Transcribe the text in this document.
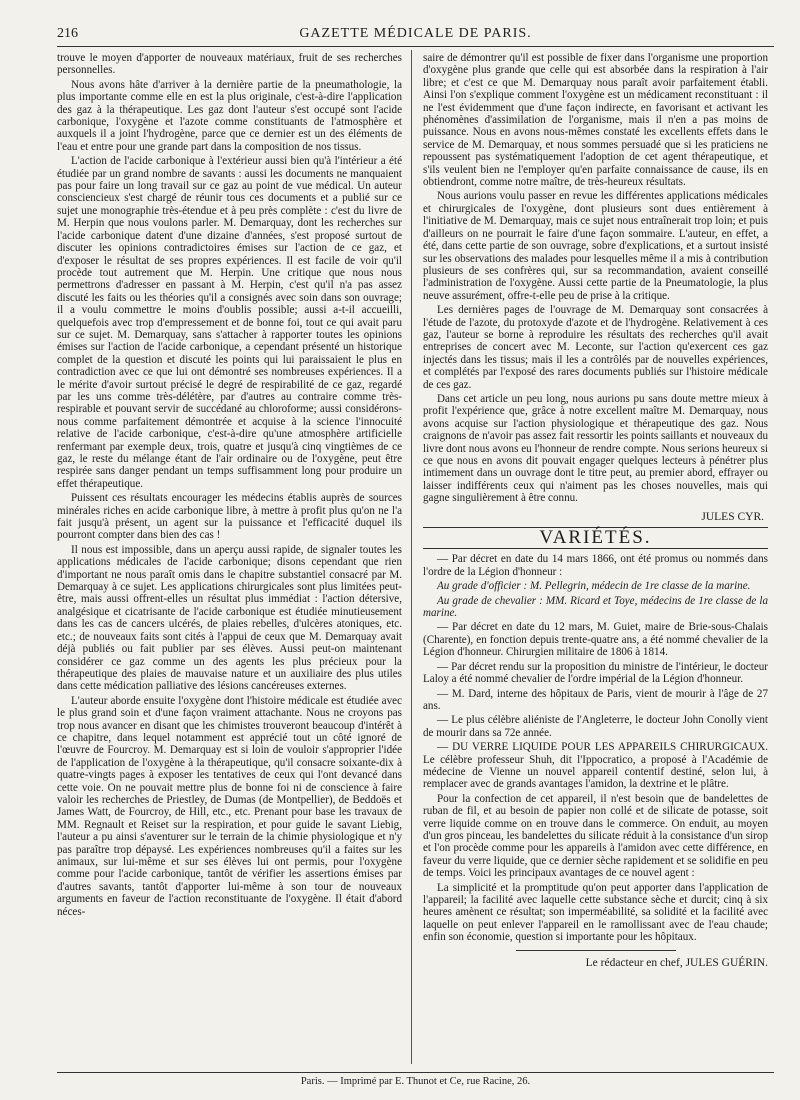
216	GAZETTE MÉDICALE DE PARIS.

trouve le moyen d'apporter de nouveaux matériaux, fruit de ses recherches personnelles.

Nous avons hâte d'arriver à la dernière partie de la pneumathologie, la plus importante comme elle en est la plus originale, c'est-à-dire l'application des gaz à la thérapeutique. Les gaz dont l'auteur s'est occupé sont l'acide carbonique, l'oxygène et l'azote comme constituants de l'atmosphère et auxquels il a joint l'hydrogène, parce que ce dernier est un des éléments de l'eau et entre pour une grande part dans la composition de nos tissus.

L'action de l'acide carbonique à l'extérieur aussi bien qu'à l'intérieur a été étudiée par un grand nombre de savants : aussi les documents ne manquaient pas pour faire un long travail sur ce gaz au point de vue médical. Un auteur consciencieux s'est chargé de réunir tous ces documents et a publié sur ce sujet une monographie très-étendue et à peu près complète : c'est du livre de M. Herpin que nous voulons parler. M. Demarquay, dont les recherches sur l'acide carbonique datent d'une dizaine d'années, s'est proposé surtout de discuter les opinions contradictoires émises sur l'action de ce gaz, et d'exposer le résultat de ses propres expériences. Il est facile de voir qu'il procède tout autrement que M. Herpin. Une critique que nous nous permettrons d'adresser en passant à M. Herpin, c'est qu'il n'a pas assez discuté les faits ou les théories qu'il a consignés avec soin dans son ouvrage; il a voulu commettre le moins d'oublis possible; aussi a-t-il accueilli, quelquefois avec trop d'empressement et de bonne foi, tout ce qui avait paru sur ce sujet. M. Demarquay, sans s'attacher à rapporter toutes les opinions émises sur l'action de l'acide carbonique, a cependant présenté un historique complet de la question et discuté les points qui lui paraissaient le plus en contradiction avec ce que lui ont démontré ses nombreuses expériences. Il a le mérite d'avoir surtout précisé le degré de respirabilité de ce gaz, regardé par les uns comme très-délétère, par d'autres au contraire comme très-respirable et pouvant servir de succédané au chloroforme; aussi considérons-nous comme parfaitement démontrée et acquise à la science l'innocuité relative de l'acide carbonique, c'est-à-dire qu'une atmosphère artificielle renfermant par exemple deux, trois, quatre et jusqu'à cinq vingtièmes de ce gaz, le reste du mélange étant de l'air ordinaire ou de l'oxygène, peut être respirée sans danger pendant un temps suffisamment long pour produire un effet thérapeutique.

Puissent ces résultats encourager les médecins établis auprès de sources minérales riches en acide carbonique libre, à mettre à profit plus qu'on ne l'a fait jusqu'à présent, un agent sur la puissance et l'efficacité duquel ils pourront compter dans bien des cas !

Il nous est impossible, dans un aperçu aussi rapide, de signaler toutes les applications médicales de l'acide carbonique; disons cependant que rien d'important ne nous paraît omis dans le chapitre substantiel consacré par M. Demarquay à ce sujet. Les applications chirurgicales sont plus limitées peut-être, mais aussi offrent-elles un résultat plus immédiat : l'action détersive, analgésique et cicatrisante de l'acide carbonique est étudiée minutieusement dans les cas de cancers ulcérés, de plaies rebelles, d'ulcères atoniques, etc. etc.; de nouveaux faits sont cités à l'appui de ceux que M. Demarquay avait déjà publiés ou fait publier par ses élèves. Aussi peut-on maintenant considérer ce gaz comme un des agents les plus précieux pour la thérapeutique des plaies de mauvaise nature et un auxiliaire des plus utiles dans cette médication palliative des lésions cancéreuses externes.

L'auteur aborde ensuite l'oxygène dont l'histoire médicale est étudiée avec le plus grand soin et d'une façon vraiment attachante. Nous ne croyons pas trop nous avancer en disant que les chimistes trouveront beaucoup d'intérêt à ce chapitre, dans lequel notamment est apprécié tout un côté ignoré de l'œuvre de Fourcroy. M. Demarquay est si loin de vouloir s'approprier l'idée de l'application de l'oxygène à la thérapeutique, qu'il consacre soixante-dix à quatre-vingts pages à exposer les tentatives de ceux qui l'ont devancé dans cette voie. On ne pouvait mettre plus de bonne foi ni de conscience à faire valoir les recherches de Priestley, de Dumas (de Montpellier), de Beddoës et James Watt, de Fourcroy, de Hill, etc., etc. Prenant pour base les travaux de MM. Regnault et Reiset sur la respiration, et pour guide le savant Liebig, l'auteur a pu ainsi s'aventurer sur le terrain de la chimie physiologique et n'y pas paraître trop dépaysé. Les expériences nombreuses qu'il a faites sur les animaux, sur lui-même et sur ses élèves lui ont permis, pour l'oxygène comme pour l'acide carbonique, tantôt de vérifier les assertions émises par d'autres savants, tantôt d'apporter lui-même à son tour de nouveaux arguments en faveur de l'action reconstituante de l'oxygène. Il était d'abord néces-

saire de démontrer qu'il est possible de fixer dans l'organisme une proportion d'oxygène plus grande que celle qui est absorbée dans la respiration à l'air libre; et c'est ce que M. Demarquay nous paraît avoir parfaitement établi. Ainsi l'on s'explique comment l'oxygène est un médicament reconstituant : il ne l'est évidemment que d'une façon indirecte, en favorisant et activant les phénomènes d'assimilation de l'organisme, mais il n'en a pas moins de puissance. Nous en avons nous-mêmes constaté les excellents effets dans le service de M. Demarquay, et nous sommes persuadé que si les praticiens ne repoussent pas systématiquement l'adoption de cet agent thérapeutique, et s'ils veulent bien ne l'employer qu'en parfaite connaissance de cause, ils en obtiendront, comme notre maître, de très-heureux résultats.

Nous aurions voulu passer en revue les différentes applications médicales et chirurgicales de l'oxygène, dont plusieurs sont dues entièrement à l'initiative de M. Demarquay, mais ce sujet nous entraînerait trop loin; et puis d'ailleurs on ne pourrait le faire d'une façon sommaire. L'auteur, en effet, a été, dans cette partie de son ouvrage, sobre d'explications, et a surtout insisté sur les observations des malades pour lesquelles même il a mis à contribution plusieurs de ses confrères qui, sur sa recommandation, avaient conseillé l'administration de l'oxygène. Aussi cette partie de la Pneumatologie, la plus neuve assurément, offre-t-elle peu de prise à la critique.

Les dernières pages de l'ouvrage de M. Demarquay sont consacrées à l'étude de l'azote, du protoxyde d'azote et de l'hydrogène. Relativement à ces gaz, l'auteur se borne à reproduire les résultats des recherches qu'il avait entreprises de concert avec M. Leconte, sur l'action qu'exercent ces gaz injectés dans les tissus; mais il les a contrôlés par de nouvelles expériences, et complétés par l'exposé des rares documents publiés sur l'histoire médicale de ces gaz.

Dans cet article un peu long, nous aurions pu sans doute mettre mieux à profit l'expérience que, grâce à notre excellent maître M. Demarquay, nous avons acquise sur l'action physiologique et thérapeutique des gaz. Nous craignons de n'avoir pas assez fait ressortir les points saillants et nouveaux du livre dont nous avons eu l'honneur de rendre compte. Nous serions heureux si ce que nous en avons dit pouvait engager quelques lecteurs à pénétrer plus intimement dans un ouvrage dont le titre peut, au premier abord, effrayer ou laisser indifférents ceux qui n'aiment pas les choses nouvelles, mais qui gagne singulièrement à être connu.

JULES CYR.
VARIÉTÉS.

— Par décret en date du 14 mars 1866, ont été promus ou nommés dans l'ordre de la Légion d'honneur :

Au grade d'officier : M. Pellegrin, médecin de 1re classe de la marine.

Au grade de chevalier : MM. Ricard et Toye, médecins de 1re classe de la marine.

— Par décret en date du 12 mars, M. Guiet, maire de Brie-sous-Chalais (Charente), en fonction depuis trente-quatre ans, a été nommé chevalier de la Légion d'honneur. Chirurgien militaire de 1806 à 1814.

— Par décret rendu sur la proposition du ministre de l'intérieur, le docteur Laloy a été nommé chevalier de l'ordre impérial de la Légion d'honneur.

— M. Dard, interne des hôpitaux de Paris, vient de mourir à l'âge de 27 ans.

— Le plus célèbre aliéniste de l'Angleterre, le docteur John Conolly vient de mourir dans sa 72e année.

— DU VERRE LIQUIDE POUR LES APPAREILS CHIRURGICAUX. Le célèbre professeur Shuh, dit l'Ippocratico, a proposé à l'Académie de médecine de Vienne un nouvel appareil contentif destiné, selon lui, à remplacer avec de grands avantages l'amidon, la dextrine et le plâtre.

Pour la confection de cet appareil, il n'est besoin que de bandelettes de ruban de fil, et au besoin de papier non collé et de silicate de potasse, soit verre liquide comme on en trouve dans le commerce. On enduit, au moyen d'un gros pinceau, les bandelettes du silicate réduit à la consistance d'un sirop et l'on procède comme pour les appareils à l'amidon avec cette différence, en faveur du verre liquide, que ce dernier sèche rapidement et se solidifie en peu de temps. Voici les principaux avantages de ce nouvel agent :

La simplicité et la promptitude qu'on peut apporter dans l'application de l'appareil; la facilité avec laquelle cette substance sèche et durcit; cinq à six heures amènent ce résultat; son imperméabilité, sa solidité et la facilité avec laquelle on peut enlever l'appareil en le ramollissant avec de l'eau chaude; enfin son économie, question si importante pour les hôpitaux.

Le rédacteur en chef, JULES GUÉRIN.
Paris. — Imprimé par E. Thunot et Ce, rue Racine, 26.
